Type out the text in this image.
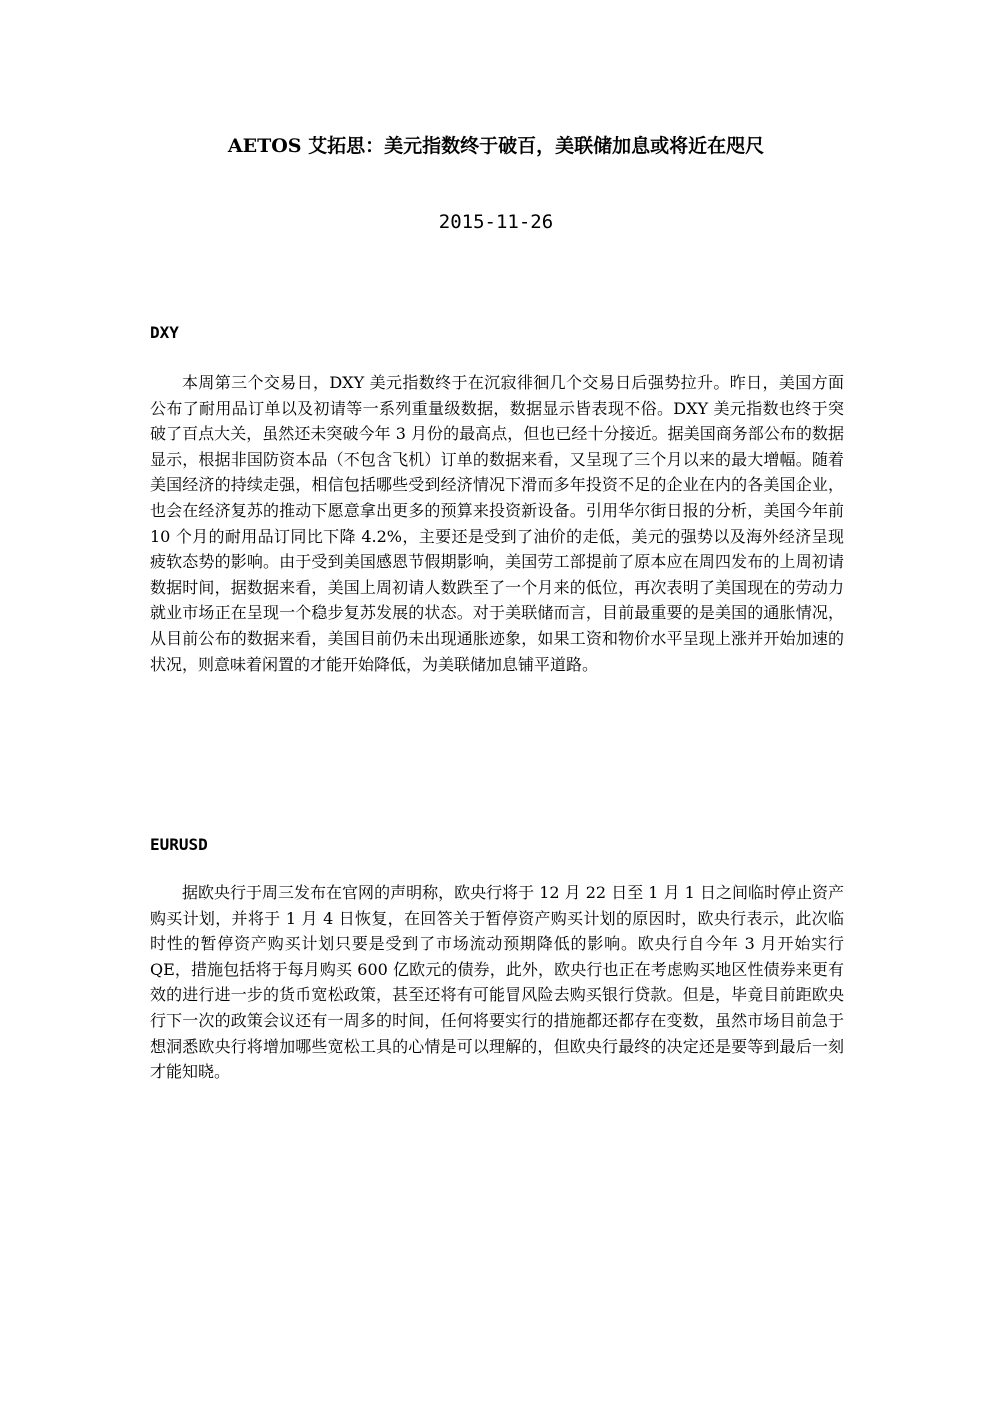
AETOS 艾拓思：美元指数终于破百，美联储加息或将近在咫尺
2015-11-26
DXY

本周第三个交易日，DXY 美元指数终于在沉寂徘徊几个交易日后强势拉升。昨日，美国方面公布了耐用品订单以及初请等一系列重量级数据，数据显示皆表现不俗。DXY 美元指数也终于突破了百点大关，虽然还未突破今年 3 月份的最高点，但也已经十分接近。据美国商务部公布的数据显示，根据非国防资本品（不包含飞机）订单的数据来看，又呈现了三个月以来的最大增幅。随着美国经济的持续走强，相信包括哪些受到经济情况下滑而多年投资不足的企业在内的各美国企业，也会在经济复苏的推动下愿意拿出更多的预算来投资新设备。引用华尔街日报的分析，美国今年前 10 个月的耐用品订同比下降 4.2%，主要还是受到了油价的走低，美元的强势以及海外经济呈现疲软态势的影响。由于受到美国感恩节假期影响，美国劳工部提前了原本应在周四发布的上周初请数据时间，据数据来看，美国上周初请人数跌至了一个月来的低位，再次表明了美国现在的劳动力就业市场正在呈现一个稳步复苏发展的状态。对于美联储而言，目前最重要的是美国的通胀情况，从目前公布的数据来看，美国目前仍未出现通胀迹象，如果工资和物价水平呈现上涨并开始加速的状况，则意味着闲置的才能开始降低，为美联储加息铺平道路。

EURUSD

据欧央行于周三发布在官网的声明称，欧央行将于 12 月 22 日至 1 月 1 日之间临时停止资产购买计划，并将于 1 月 4 日恢复，在回答关于暂停资产购买计划的原因时，欧央行表示，此次临时性的暂停资产购买计划只要是受到了市场流动预期降低的影响。欧央行自今年 3 月开始实行 QE，措施包括将于每月购买 600 亿欧元的债券，此外，欧央行也正在考虑购买地区性债券来更有效的进行进一步的货币宽松政策，甚至还将有可能冒风险去购买银行贷款。但是，毕竟目前距欧央行下一次的政策会议还有一周多的时间，任何将要实行的措施都还都存在变数，虽然市场目前急于想洞悉欧央行将增加哪些宽松工具的心情是可以理解的，但欧央行最终的决定还是要等到最后一刻才能知晓。
